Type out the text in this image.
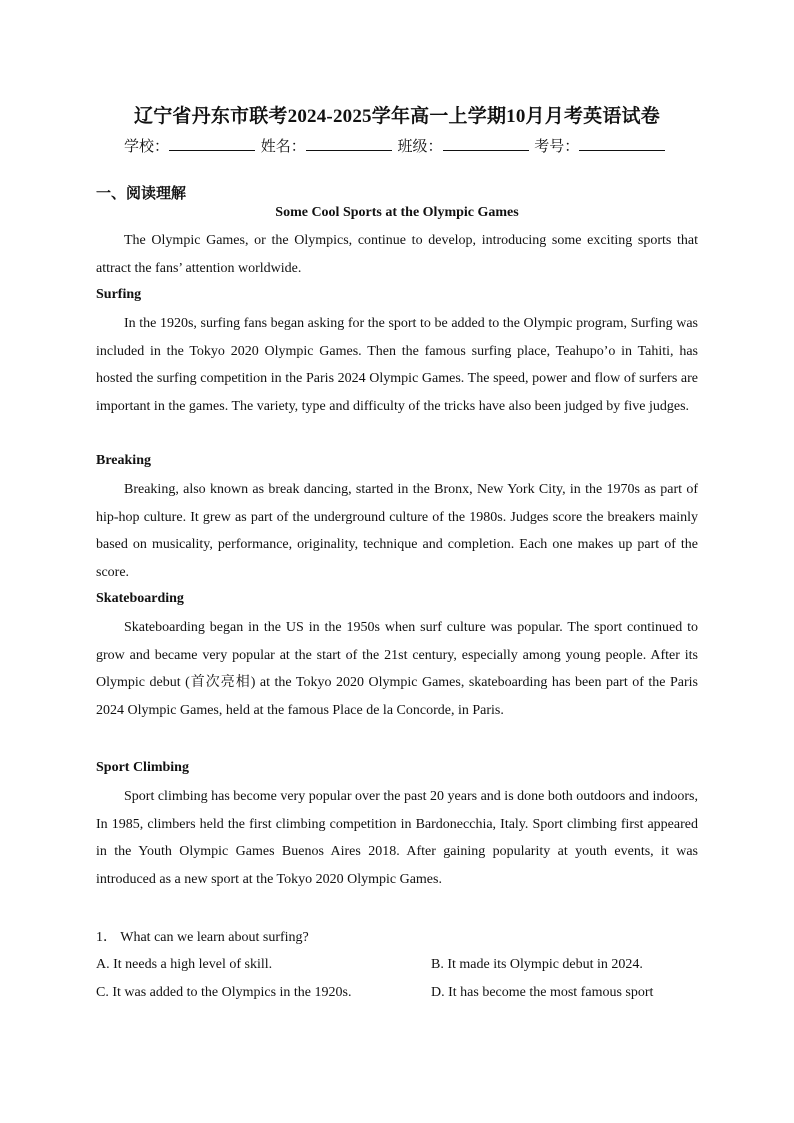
辽宁省丹东市联考2024-2025学年高一上学期10月月考英语试卷
学校：	姓名：	班级：	考号：
一、阅读理解
Some Cool Sports at the Olympic Games

The Olympic Games, or the Olympics, continue to develop, introducing some exciting sports that attract the fans’ attention worldwide.

Surfing

In the 1920s, surfing fans began asking for the sport to be added to the Olympic program, Surfing was included in the Tokyo 2020 Olympic Games. Then the famous surfing place, Teahupo’o in Tahiti, has hosted the surfing competition in the Paris 2024 Olympic Games. The speed, power and flow of surfers are important in the games. The variety, type and difficulty of the tricks have also been judged by five judges.

Breaking

Breaking, also known as break dancing, started in the Bronx, New York City, in the 1970s as part of hip-hop culture. It grew as part of the underground culture of the 1980s. Judges score the breakers mainly based on musicality, performance, originality, technique and completion. Each one makes up part of the score.

Skateboarding

Skateboarding began in the US in the 1950s when surf culture was popular. The sport continued to grow and became very popular at the start of the 21st century, especially among young people. After its Olympic debut (首次亮相) at the Tokyo 2020 Olympic Games, skateboarding has been part of the Paris 2024 Olympic Games, held at the famous Place de la Concorde, in Paris.

Sport Climbing

Sport climbing has become very popular over the past 20 years and is done both outdoors and indoors, In 1985, climbers held the first climbing competition in Bardonecchia, Italy. Sport climbing first appeared in the Youth Olympic Games Buenos Aires 2018. After gaining popularity at youth events, it was introduced as a new sport at the Tokyo 2020 Olympic Games.

1． What can we learn about surfing?
A. It needs a high level of skill.	B. It made its Olympic debut in 2024.
C. It was added to the Olympics in the 1920s.	D. It has become the most famous sport
